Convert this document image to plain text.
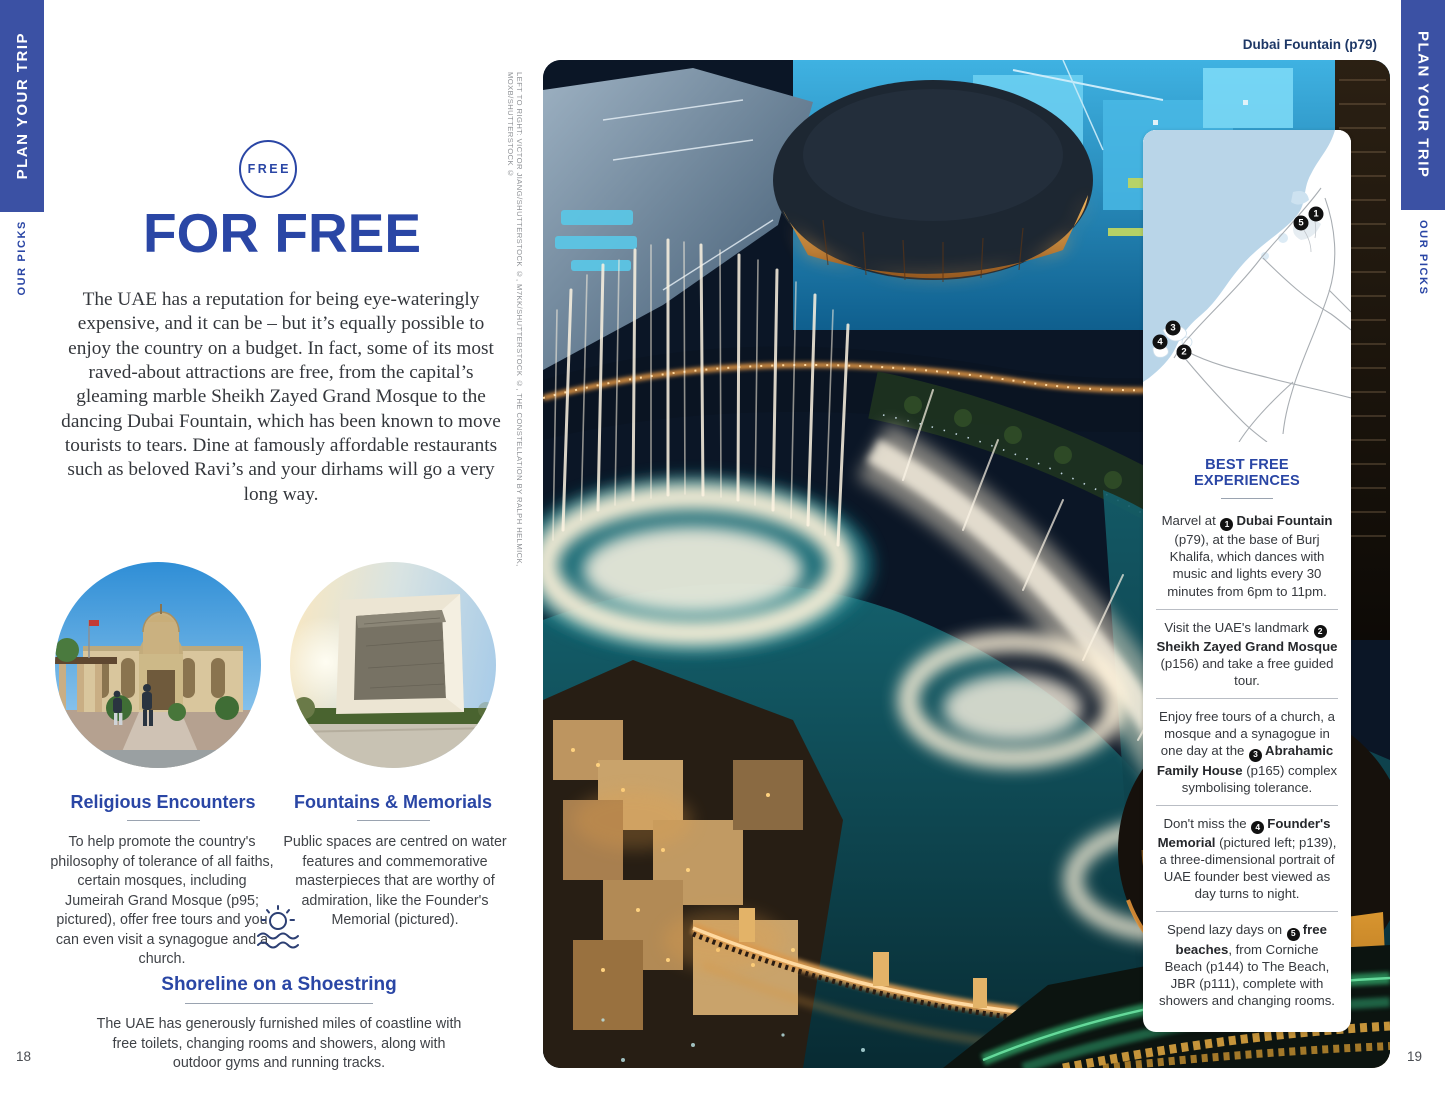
PLAN YOUR TRIP
OUR PICKS
FREE
FOR FREE
The UAE has a reputation for being eye-wateringly expensive, and it can be – but it’s equally possible to enjoy the country on a budget. In fact, some of its most raved-about attractions are free, from the capital’s gleaming marble Sheikh Zayed Grand Mosque to the dancing Dubai Fountain, which has been known to move tourists to tears. Dine at famously affordable restaurants such as beloved Ravi’s and your dirhams will go a very long way.
Religious Encounters	Fountains & Memorials
To help promote the country's philosophy of tolerance of all faiths, certain mosques, including Jumeirah Grand Mosque (p95; pictured), offer free tours and you can even visit a synagogue and a church.
Public spaces are centred on water features and commemorative masterpieces that are worthy of admiration, like the Founder's Memorial (pictured).
Shoreline on a Shoestring
The UAE has generously furnished miles of coastline with free toilets, changing rooms and showers, along with outdoor gyms and running tracks.
18
Dubai Fountain (p79)
LEFT TO RIGHT: VICTOR JIANG/SHUTTERSTOCK ©, M7KK/SHUTTERSTOCK ©, THE CONSTELLATION BY RALPH HELMICK, MOXB/SHUTTERSTOCK ©
1
5
3
4
2
BEST FREE EXPERIENCES
Marvel at 1 Dubai Fountain (p79), at the base of Burj Khalifa, which dances with music and lights every 30 minutes from 6pm to 11pm.
Visit the UAE's landmark 2Sheikh Zayed Grand Mosque (p156) and take a free guided tour.
Enjoy free tours of a church, a mosque and a synagogue in one day at the 3 Abrahamic Family House (p165) complex symbolising tolerance.
Don't miss the 4 Founder's Memorial (pictured left; p139), a three-dimensional portrait of UAE founder best viewed as day turns to night.
Spend lazy days on 5 free beaches, from Corniche Beach (p144) to The Beach, JBR (p111), complete with showers and changing rooms.
PLAN YOUR TRIP
OUR PICKS
19
